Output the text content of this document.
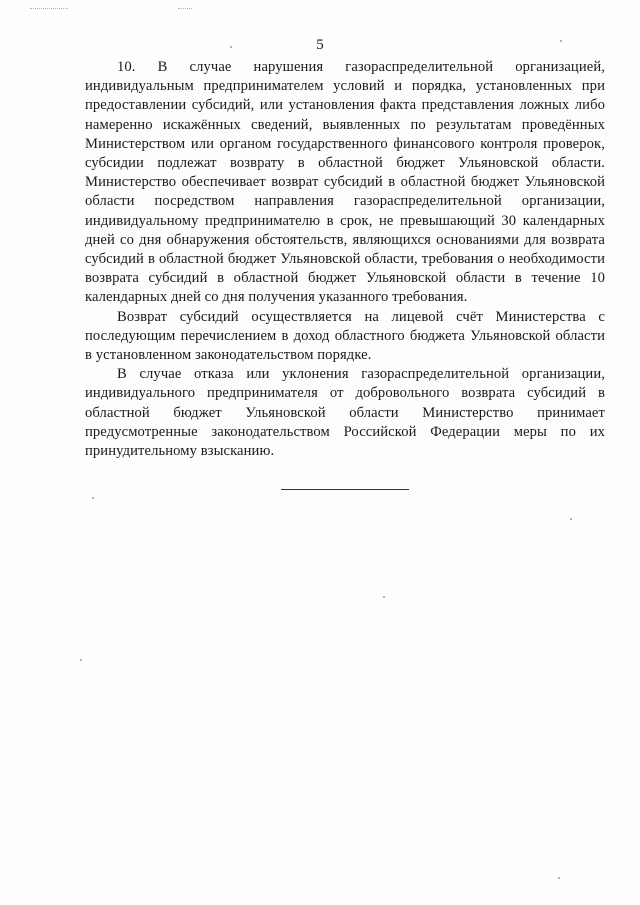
5

10. В случае нарушения газораспределительной организацией, индивидуальным предпринимателем условий и порядка, установленных при предоставлении субсидий, или установления факта представления ложных либо намеренно искажённых сведений, выявленных по результатам проведённых Министерством или органом государственного финансового контроля проверок, субсидии подлежат возврату в областной бюджет Ульяновской области. Министерство обеспечивает возврат субсидий в областной бюджет Ульяновской области посредством направления газораспределительной организации, индивидуальному предпринимателю в срок, не превышающий 30 календарных дней со дня обнаружения обстоятельств, являющихся основаниями для возврата субсидий в областной бюджет Ульяновской области, требования о необходимости возврата субсидий в областной бюджет Ульяновской области в течение 10 календарных дней со дня получения указанного требования.

Возврат субсидий осуществляется на лицевой счёт Министерства с последующим перечислением в доход областного бюджета Ульяновской области в установленном законодательством порядке.

В случае отказа или уклонения газораспределительной организации, индивидуального предпринимателя от добровольного возврата субсидий в областной бюджет Ульяновской области Министерство принимает предусмотренные законодательством Российской Федерации меры по их принудительному взысканию.
